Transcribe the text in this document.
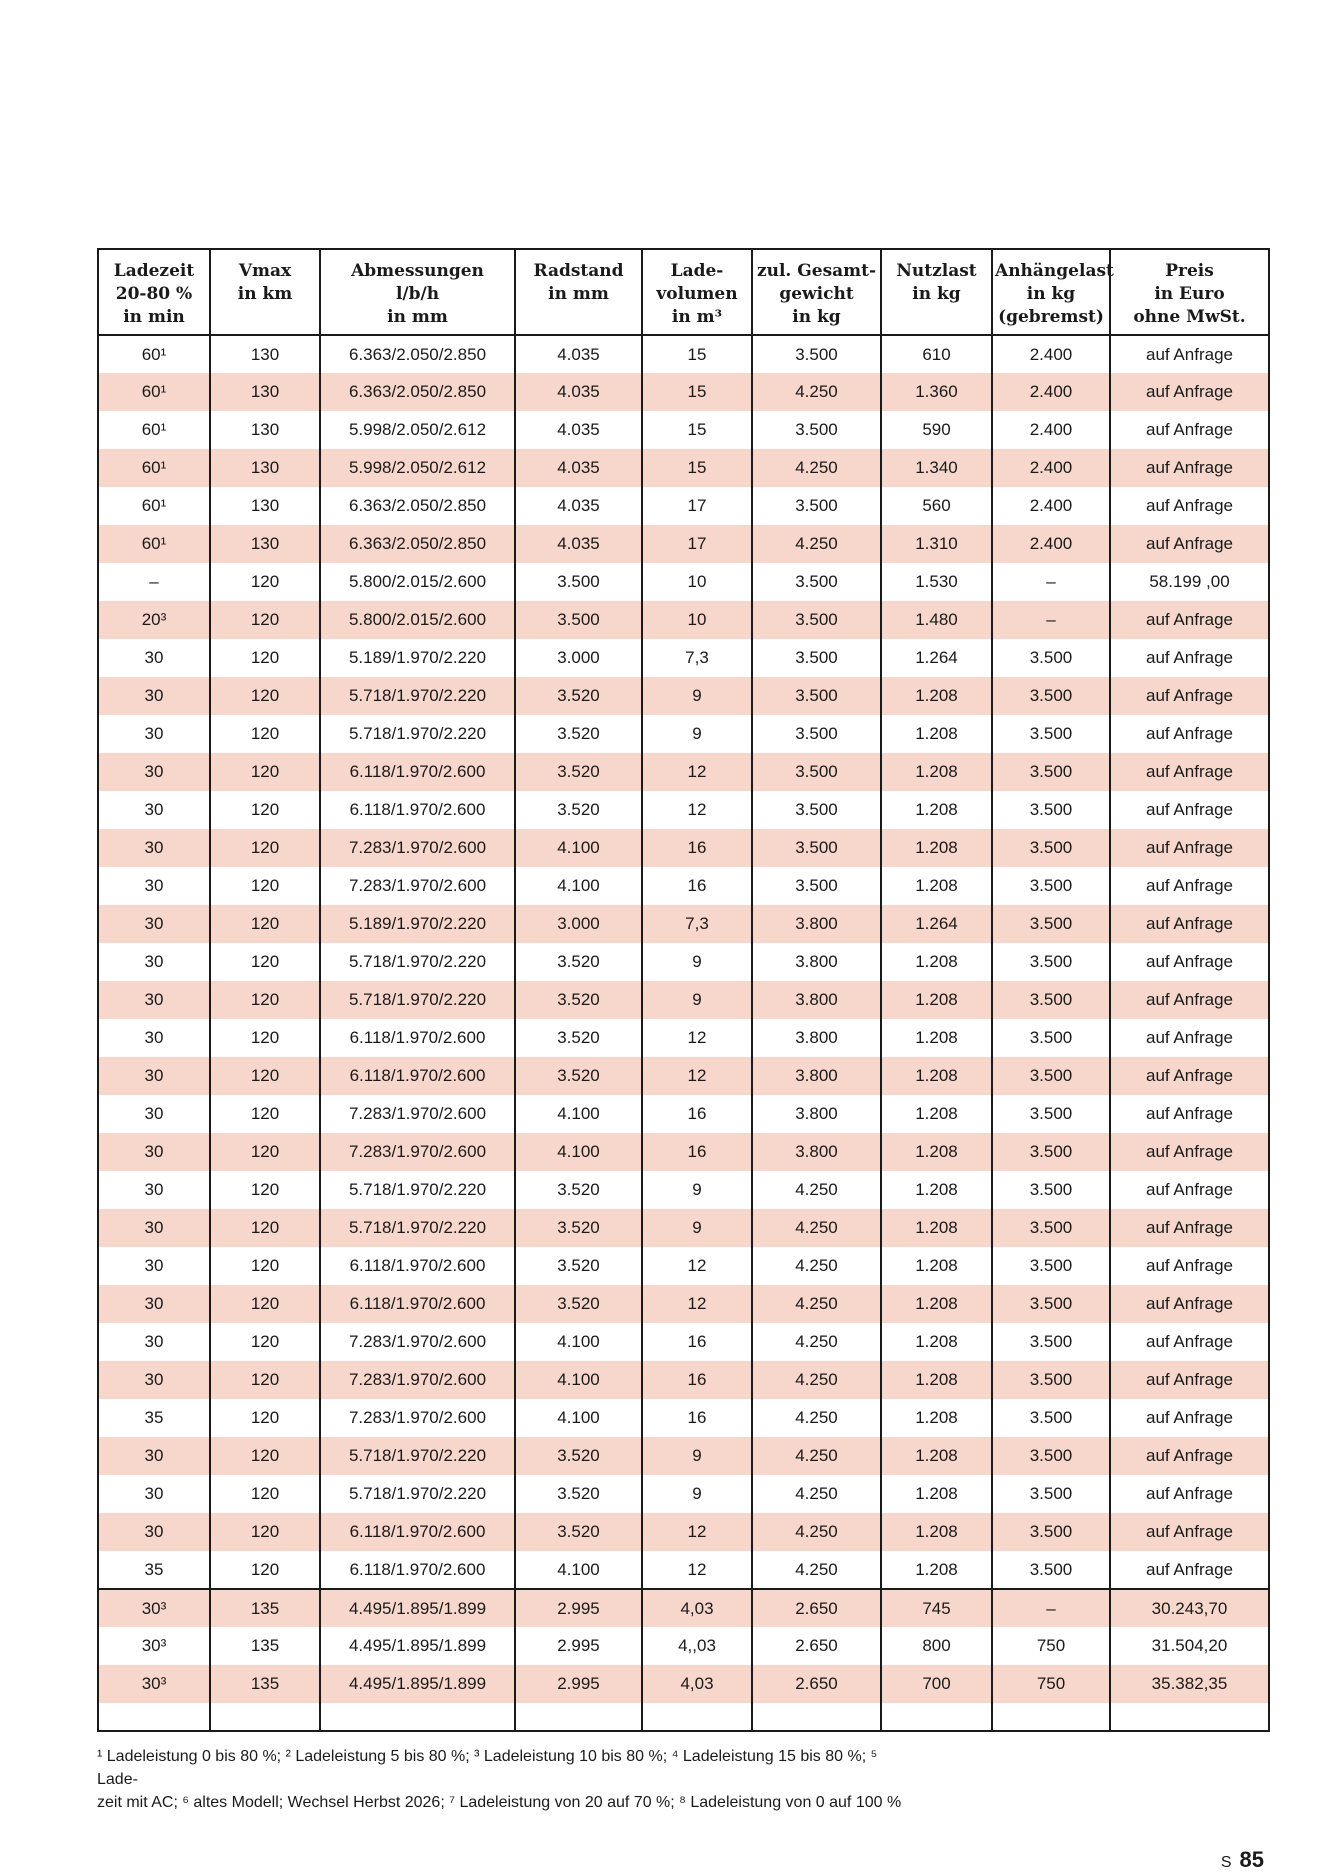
Ladezeit
20-80 %
in min	Vmax
in km	Abmessungen
l/b/h
in mm	Radstand
in mm	Lade-
volumen
in m³	zul. Gesamt-
gewicht
in kg	Nutzlast
in kg	Anhängelast
in kg
(gebremst)	Preis
in Euro
ohne MwSt.
60¹	130	6.363/2.050/2.850	4.035	15	3.500	610	2.400	auf Anfrage
60¹	130	6.363/2.050/2.850	4.035	15	4.250	1.360	2.400	auf Anfrage
60¹	130	5.998/2.050/2.612	4.035	15	3.500	590	2.400	auf Anfrage
60¹	130	5.998/2.050/2.612	4.035	15	4.250	1.340	2.400	auf Anfrage
60¹	130	6.363/2.050/2.850	4.035	17	3.500	560	2.400	auf Anfrage
60¹	130	6.363/2.050/2.850	4.035	17	4.250	1.310	2.400	auf Anfrage
–	120	5.800/2.015/2.600	3.500	10	3.500	1.530	–	58.199 ,00
20³	120	5.800/2.015/2.600	3.500	10	3.500	1.480	–	auf Anfrage
30	120	5.189/1.970/2.220	3.000	7,3	3.500	1.264	3.500	auf Anfrage
30	120	5.718/1.970/2.220	3.520	9	3.500	1.208	3.500	auf Anfrage
30	120	5.718/1.970/2.220	3.520	9	3.500	1.208	3.500	auf Anfrage
30	120	6.118/1.970/2.600	3.520	12	3.500	1.208	3.500	auf Anfrage
30	120	6.118/1.970/2.600	3.520	12	3.500	1.208	3.500	auf Anfrage
30	120	7.283/1.970/2.600	4.100	16	3.500	1.208	3.500	auf Anfrage
30	120	7.283/1.970/2.600	4.100	16	3.500	1.208	3.500	auf Anfrage
30	120	5.189/1.970/2.220	3.000	7,3	3.800	1.264	3.500	auf Anfrage
30	120	5.718/1.970/2.220	3.520	9	3.800	1.208	3.500	auf Anfrage
30	120	5.718/1.970/2.220	3.520	9	3.800	1.208	3.500	auf Anfrage
30	120	6.118/1.970/2.600	3.520	12	3.800	1.208	3.500	auf Anfrage
30	120	6.118/1.970/2.600	3.520	12	3.800	1.208	3.500	auf Anfrage
30	120	7.283/1.970/2.600	4.100	16	3.800	1.208	3.500	auf Anfrage
30	120	7.283/1.970/2.600	4.100	16	3.800	1.208	3.500	auf Anfrage
30	120	5.718/1.970/2.220	3.520	9	4.250	1.208	3.500	auf Anfrage
30	120	5.718/1.970/2.220	3.520	9	4.250	1.208	3.500	auf Anfrage
30	120	6.118/1.970/2.600	3.520	12	4.250	1.208	3.500	auf Anfrage
30	120	6.118/1.970/2.600	3.520	12	4.250	1.208	3.500	auf Anfrage
30	120	7.283/1.970/2.600	4.100	16	4.250	1.208	3.500	auf Anfrage
30	120	7.283/1.970/2.600	4.100	16	4.250	1.208	3.500	auf Anfrage
35	120	7.283/1.970/2.600	4.100	16	4.250	1.208	3.500	auf Anfrage
30	120	5.718/1.970/2.220	3.520	9	4.250	1.208	3.500	auf Anfrage
30	120	5.718/1.970/2.220	3.520	9	4.250	1.208	3.500	auf Anfrage
30	120	6.118/1.970/2.600	3.520	12	4.250	1.208	3.500	auf Anfrage
35	120	6.118/1.970/2.600	4.100	12	4.250	1.208	3.500	auf Anfrage
30³	135	4.495/1.895/1.899	2.995	4,03	2.650	745	–	30.243,70
30³	135	4.495/1.895/1.899	2.995	4,,03	2.650	800	750	31.504,20
30³	135	4.495/1.895/1.899	2.995	4,03	2.650	700	750	35.382,35

¹ Ladeleistung 0 bis 80 %; ² Ladeleistung 5 bis 80 %; ³ Ladeleistung 10 bis 80 %; ⁴ Ladeleistung 15 bis 80 %; ⁵ Lade-

zeit mit AC; ⁶ altes Modell; Wechsel Herbst 2026; ⁷ Ladeleistung von 20 auf 70 %; ⁸ Ladeleistung von 0 auf 100 %

S 85
